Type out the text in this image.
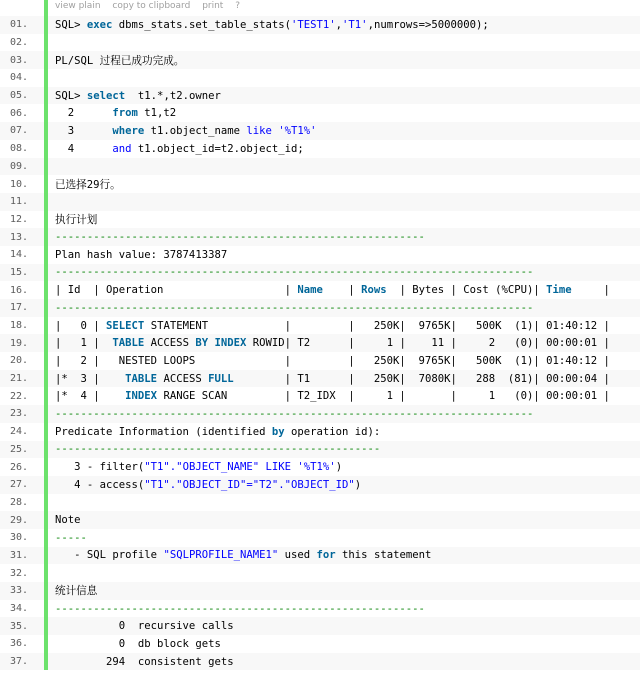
view plain copy to clipboard print ?
01.	SQL> exec dbms_stats.set_table_stats('TEST1','T1',numrows=>5000000);
02.
03.	PL/SQL 过程已成功完成。
04.
05.	SQL> select  t1.*,t2.owner
06.	2      from t1,t2
07.	3      where t1.object_name like '%T1%'
08.	4      and t1.object_id=t2.object_id;
09.
10.	已选择29行。
11.
12.	执行计划
13.	----------------------------------------------------------
14.	Plan hash value: 3787413387
15.	---------------------------------------------------------------------------
16.	| Id  | Operation                   | Name    | Rows  | Bytes | Cost (%CPU)| Time     |
17.	---------------------------------------------------------------------------
18.	|   0 | SELECT STATEMENT            |         |   250K|  9765K|   500K  (1)| 01:40:12 |
19.	|   1 |  TABLE ACCESS BY INDEX ROWID| T2      |     1 |    11 |     2   (0)| 00:00:01 |
20.	|   2 |   NESTED LOOPS              |         |   250K|  9765K|   500K  (1)| 01:40:12 |
21.	|*  3 |    TABLE ACCESS FULL        | T1      |   250K|  7080K|   288  (81)| 00:00:04 |
22.	|*  4 |    INDEX RANGE SCAN         | T2_IDX  |     1 |       |     1   (0)| 00:00:01 |
23.	---------------------------------------------------------------------------
24.	Predicate Information (identified by operation id):
25.	---------------------------------------------------
26.	3 - filter("T1"."OBJECT_NAME" LIKE '%T1%')
27.	4 - access("T1"."OBJECT_ID"="T2"."OBJECT_ID")
28.
29.	Note
30.	-----
31.	- SQL profile "SQLPROFILE_NAME1" used for this statement
32.
33.	统计信息
34.	----------------------------------------------------------
35.	0  recursive calls
36.	0  db block gets
37.	294  consistent gets
